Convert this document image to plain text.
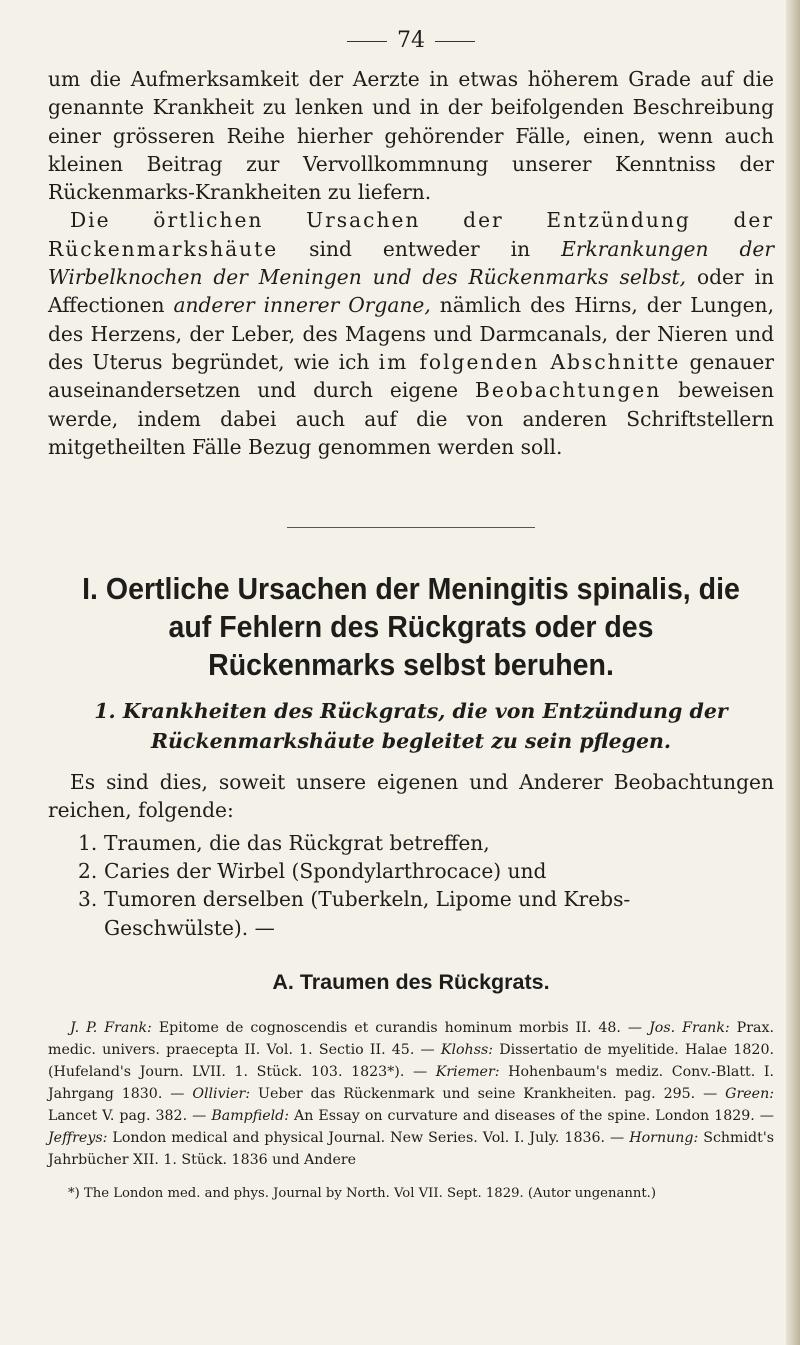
74

um die Aufmerksamkeit der Aerzte in etwas höherem Grade auf die genannte Krankheit zu lenken und in der beifolgenden Beschreibung einer grösseren Reihe hierher gehörender Fälle, einen, wenn auch kleinen Beitrag zur Vervollkommnung unserer Kenntniss der Rückenmarks-Krankheiten zu liefern.

Die örtlichen Ursachen der Entzündung der Rückenmarkshäute sind entweder in Erkrankungen der Wirbelknochen der Meningen und des Rückenmarks selbst, oder in Affectionen anderer innerer Organe, nämlich des Hirns, der Lungen, des Herzens, der Leber, des Magens und Darmcanals, der Nieren und des Uterus begründet, wie ich im folgenden Abschnitte genauer auseinandersetzen und durch eigene Beobachtungen beweisen werde, indem dabei auch auf die von anderen Schriftstellern mitgetheilten Fälle Bezug genommen werden soll.

I. Oertliche Ursachen der Meningitis spinalis, die auf Fehlern des Rückgrats oder des Rückenmarks selbst beruhen.
1. Krankheiten des Rückgrats, die von Entzündung der Rückenmarkshäute begleitet zu sein pflegen.

Es sind dies, soweit unsere eigenen und Anderer Beobachtungen reichen, folgende:

1. Traumen, die das Rückgrat betreffen,
2. Caries der Wirbel (Spondylarthrocace) und
3. Tumoren derselben (Tuberkeln, Lipome und Krebs-Geschwülste). —
A. Traumen des Rückgrats.

J. P. Frank: Epitome de cognoscendis et curandis hominum morbis II. 48. — Jos. Frank: Prax. medic. univers. praecepta II. Vol. 1. Sectio II. 45. — Klohss: Dissertatio de myelitide. Halae 1820. (Hufeland's Journ. LVII. 1. Stück. 103. 1823*). — Kriemer: Hohenbaum's mediz. Conv.-Blatt. I. Jahrgang 1830. — Ollivier: Ueber das Rückenmark und seine Krankheiten. pag. 295. — Green: Lancet V. pag. 382. — Bampfield: An Essay on curvature and diseases of the spine. London 1829. — Jeffreys: London medical and physical Journal. New Series. Vol. I. July. 1836. — Hornung: Schmidt's Jahrbücher XII. 1. Stück. 1836 und Andere

*) The London med. and phys. Journal by North. Vol VII. Sept. 1829. (Autor ungenannt.)
